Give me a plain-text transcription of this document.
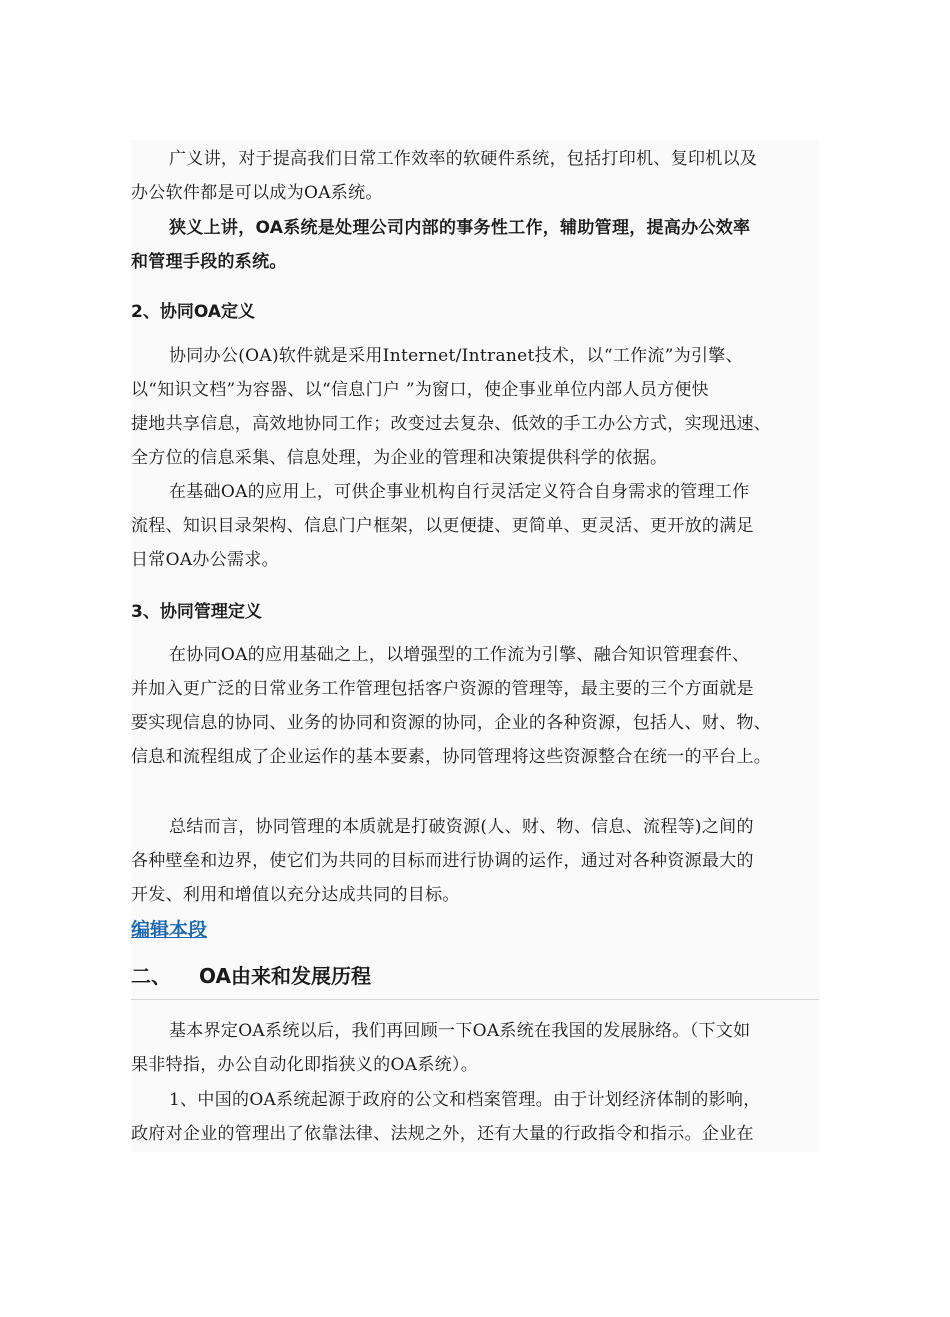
广义讲，对于提高我们日常工作效率的软硬件系统，包括打印机、复印机以及
办公软件都是可以成为OA系统。

狭义上讲，OA系统是处理公司内部的事务性工作，辅助管理，提高办公效率
和管理手段的系统。

2、协同OA定义

协同办公(OA)软件就是采用Internet/Intranet技术，以“工作流”为引擎、
以“知识文档”为容器、以“信息门户 ”为窗口，使企事业单位内部人员方便快
捷地共享信息，高效地协同工作；改变过去复杂、低效的手工办公方式，实现迅速、
全方位的信息采集、信息处理，为企业的管理和决策提供科学的依据。

在基础OA的应用上，可供企事业机构自行灵活定义符合自身需求的管理工作
流程、知识目录架构、信息门户框架，以更便捷、更简单、更灵活、更开放的满足
日常OA办公需求。

3、协同管理定义

在协同OA的应用基础之上，以增强型的工作流为引擎、融合知识管理套件、
并加入更广泛的日常业务工作管理包括客户资源的管理等，最主要的三个方面就是
要实现信息的协同、业务的协同和资源的协同，企业的各种资源，包括人、财、物、
信息和流程组成了企业运作的基本要素，协同管理将这些资源整合在统一的平台上。

总结而言，协同管理的本质就是打破资源(人、财、物、信息、流程等)之间的
各种壁垒和边界，使它们为共同的目标而进行协调的运作，通过对各种资源最大的
开发、利用和增值以充分达成共同的目标。

编辑本段
二、 OA由来和发展历程

基本界定OA系统以后，我们再回顾一下OA系统在我国的发展脉络。（下文如
果非特指，办公自动化即指狭义的OA系统）。

1、中国的OA系统起源于政府的公文和档案管理。由于计划经济体制的影响，
政府对企业的管理出了依靠法律、法规之外，还有大量的行政指令和指示。企业在
